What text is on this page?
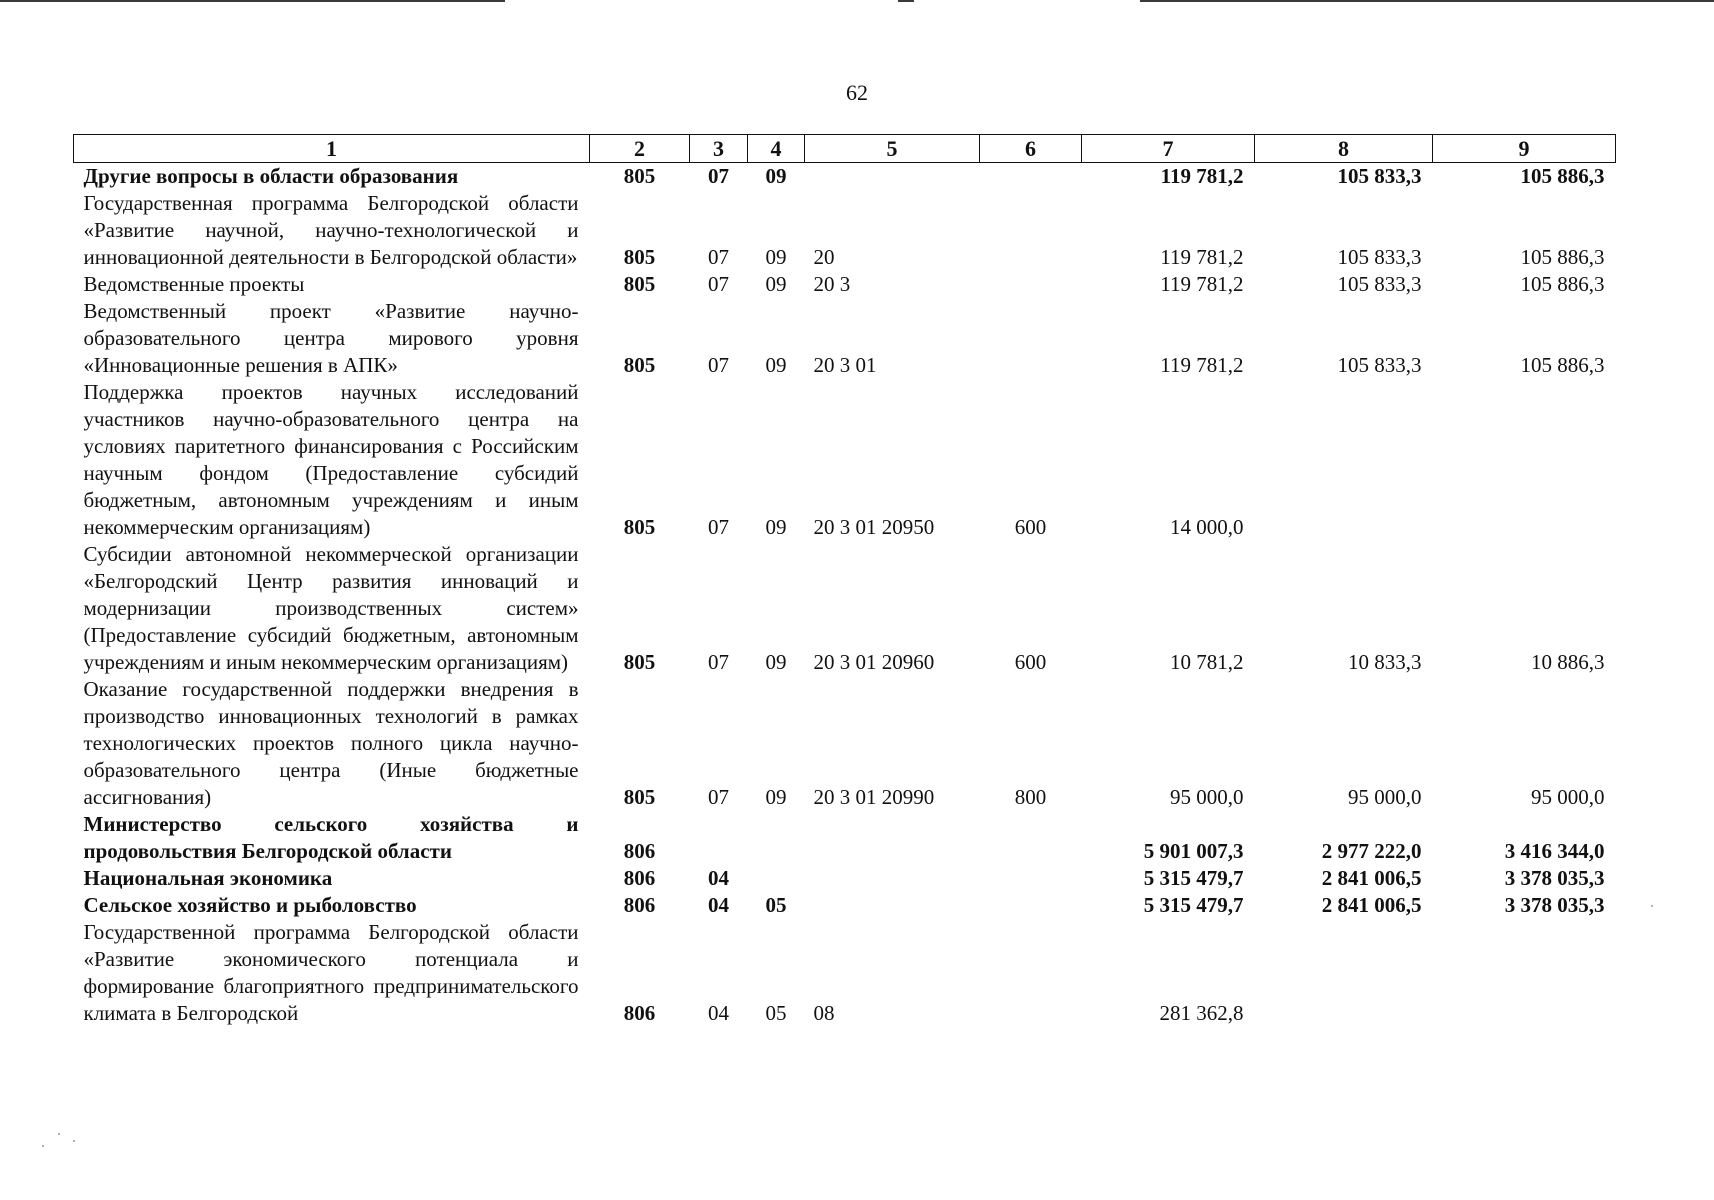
62
1	2	3	4	5	6	7	8	9
Другие вопросы в области образования	805	07	09			119 781,2	105 833,3	105 886,3
Государственная программа Белгородской области «Развитие научной, научно-технологической и инновационной деятельности в Белгородской области»	805	07	09	20		119 781,2	105 833,3	105 886,3
Ведомственные проекты	805	07	09	20 3		119 781,2	105 833,3	105 886,3
Ведомственный проект «Развитие научно-образовательного центра мирового уровня «Инновационные решения в АПК»	805	07	09	20 3 01		119 781,2	105 833,3	105 886,3
Поддержка проектов научных исследований участников научно-образовательного центра на условиях паритетного финансирования с Российским научным фондом (Предоставление субсидий бюджетным, автономным учреждениям и иным некоммерческим организациям)	805	07	09	20 3 01 20950	600	14 000,0		
Субсидии автономной некоммерческой организации «Белгородский Центр развития инноваций и модернизации производственных систем» (Предоставление субсидий бюджетным, автономным учреждениям и иным некоммерческим организациям)	805	07	09	20 3 01 20960	600	10 781,2	10 833,3	10 886,3
Оказание государственной поддержки внедрения в производство инновационных технологий в рамках технологических проектов полного цикла научно-образовательного центра (Иные бюджетные ассигнования)	805	07	09	20 3 01 20990	800	95 000,0	95 000,0	95 000,0
Министерство сельского хозяйства и продовольствия Белгородской области	806					5 901 007,3	2 977 222,0	3 416 344,0
Национальная экономика	806	04				5 315 479,7	2 841 006,5	3 378 035,3
Сельское хозяйство и рыболовство	806	04	05			5 315 479,7	2 841 006,5	3 378 035,3
Государственной программа Белгородской области «Развитие экономического потенциала и формирование благоприятного предпринимательского климата в Белгородской	806	04	05	08		281 362,8		
